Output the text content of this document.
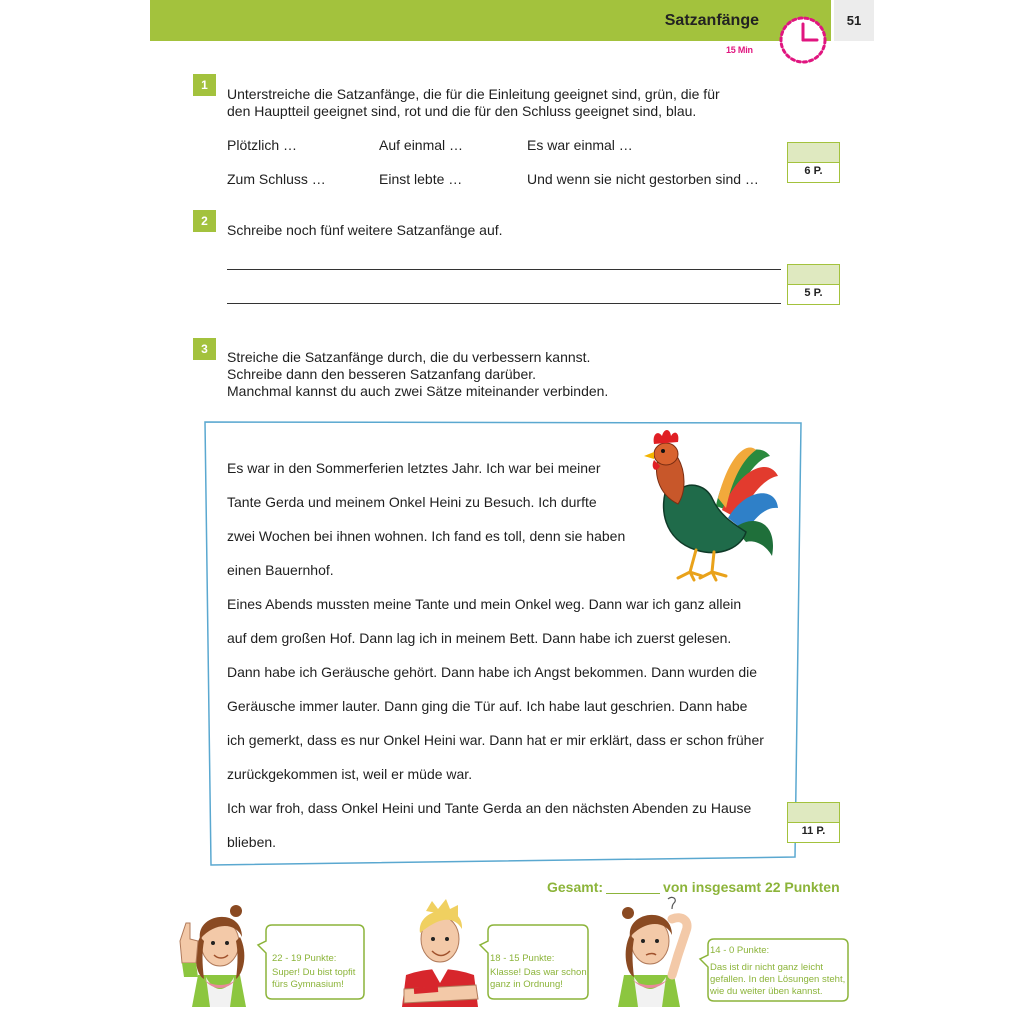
Satzanfänge	51
15 Min
1
Unterstreiche die Satzanfänge, die für die Einleitung geeignet sind, grün, die für
den Hauptteil geeignet sind, rot und die für den Schluss geeignet sind, blau.
Plötzlich …	Auf einmal …	Es war einmal …
Zum Schluss …	Einst lebte …	Und wenn sie nicht gestorben sind …	6 P.
2
Schreibe noch fünf weitere Satzanfänge auf.
5 P.
3	Streiche die Satzanfänge durch, die du verbessern kannst.
Schreibe dann den besseren Satzanfang darüber.
Manchmal kannst du auch zwei Sätze miteinander verbinden.
Es war in den Sommerferien letztes Jahr. Ich war bei meiner
Tante Gerda und meinem Onkel Heini zu Besuch. Ich durfte
zwei Wochen bei ihnen wohnen. Ich fand es toll, denn sie haben
einen Bauernhof.
Eines Abends mussten meine Tante und mein Onkel weg. Dann war ich ganz allein
auf dem großen Hof. Dann lag ich in meinem Bett. Dann habe ich zuerst gelesen.
Dann habe ich Geräusche gehört. Dann habe ich Angst bekommen. Dann wurden die
Geräusche immer lauter. Dann ging die Tür auf. Ich habe laut geschrien. Dann habe
ich gemerkt, dass es nur Onkel Heini war. Dann hat er mir erklärt, dass er schon früher
zurückgekommen ist, weil er müde war.
Ich war froh, dass Onkel Heini und Tante Gerda an den nächsten Abenden zu Hause
blieben.
11 P.
Gesamt:	von insgesamt 22 Punkten
22 - 19 Punkte:
Super! Du bist topfit
fürs Gymnasium!
18 - 15 Punkte:
Klasse! Das war schon
ganz in Ordnung!
14 - 0 Punkte:
Das ist dir nicht ganz leicht
gefallen. In den Lösungen steht,
wie du weiter üben kannst.
